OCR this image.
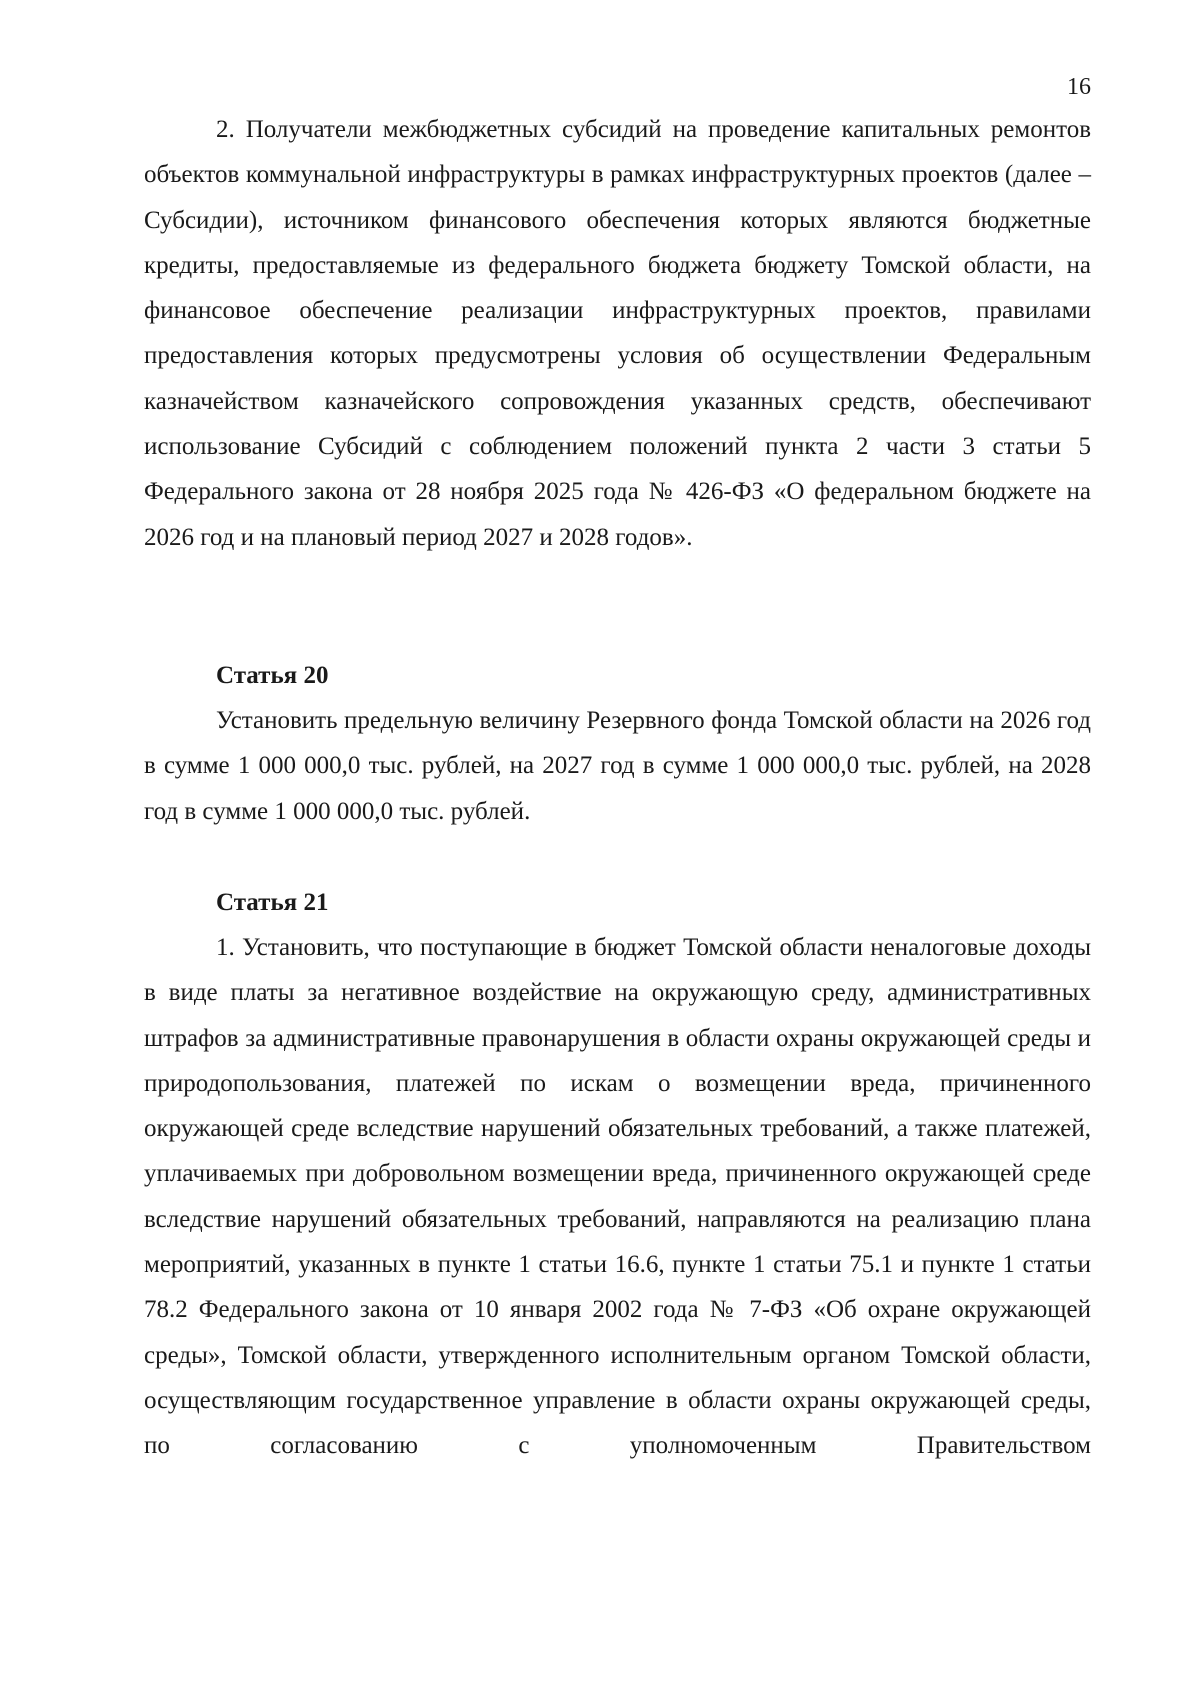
16

2. Получатели межбюджетных субсидий на проведение капитальных ремонтов объектов коммунальной инфраструктуры в рамках инфраструктурных проектов (далее – Субсидии), источником финансового обеспечения которых являются бюджетные кредиты, предоставляемые из федерального бюджета бюджету Томской области, на финансовое обеспечение реализации инфраструктурных проектов, правилами предоставления которых предусмотрены условия об осуществлении Федеральным казначейством казначейского сопровождения указанных средств, обеспечивают использование Субсидий с соблюдением положений пункта 2 части 3 статьи 5 Федерального закона от 28 ноября 2025 года № 426-ФЗ «О федеральном бюджете на 2026 год и на плановый период 2027 и 2028 годов».

Статья 20

Установить предельную величину Резервного фонда Томской области на 2026 год в сумме 1 000 000,0 тыс. рублей, на 2027 год в сумме 1 000 000,0 тыс. рублей, на 2028 год в сумме 1 000 000,0 тыс. рублей.

Статья 21

1. Установить, что поступающие в бюджет Томской области неналоговые доходы в виде платы за негативное воздействие на окружающую среду, административных штрафов за административные правонарушения в области охраны окружающей среды и природопользования, платежей по искам о возмещении вреда, причиненного окружающей среде вследствие нарушений обязательных требований, а также платежей, уплачиваемых при добровольном возмещении вреда, причиненного окружающей среде вследствие нарушений обязательных требований, направляются на реализацию плана мероприятий, указанных в пункте 1 статьи 16.6, пункте 1 статьи 75.1 и пункте 1 статьи 78.2 Федерального закона от 10 января 2002 года № 7-ФЗ «Об охране окружающей среды», Томской области, утвержденного исполнительным органом Томской области, осуществляющим государственное управление в области охраны окружающей среды, по согласованию с уполномоченным Правительством
